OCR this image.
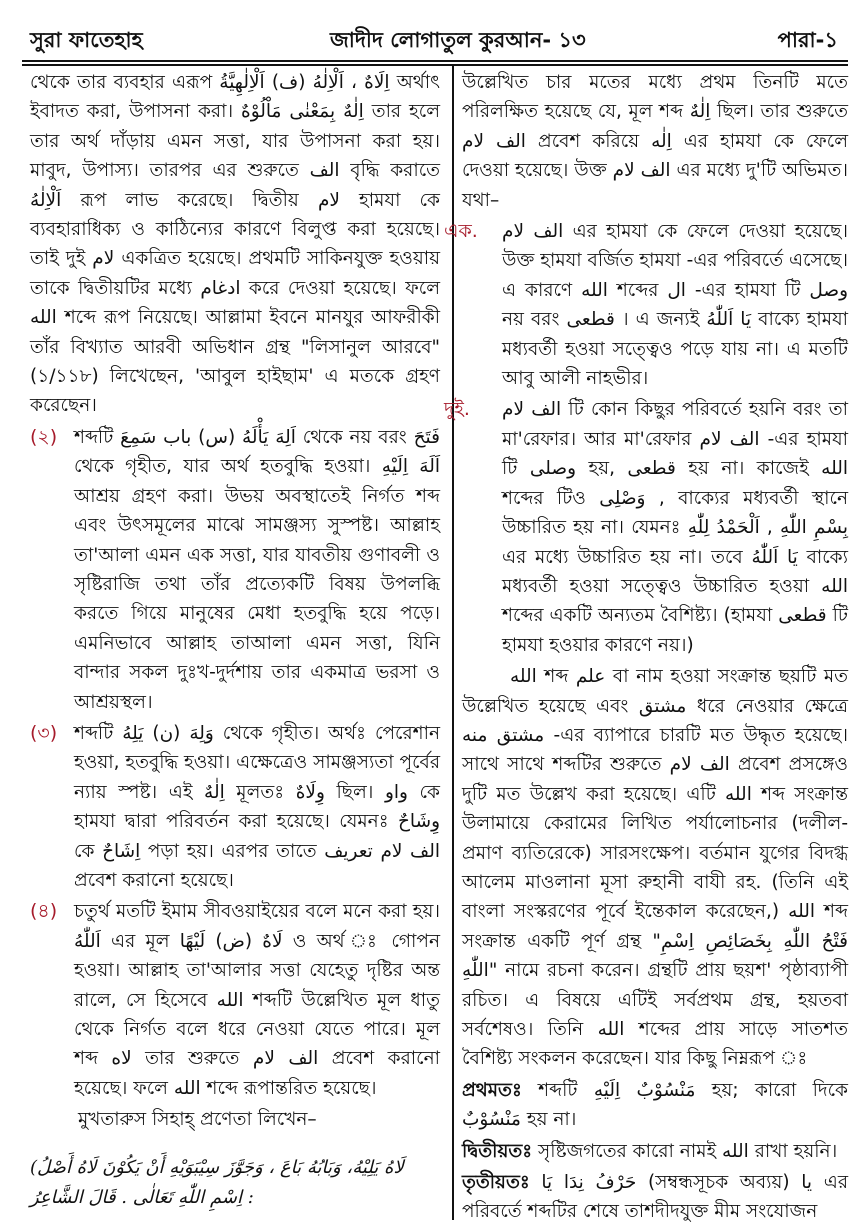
সুরা ফাতেহাহ	জাদীদ লোগাতুল কুরআন- ১৩	পারা-১

থেকে তার ব্যবহার এরূপ اِلَاهٌ ، اَلْاِلٰهُ (ف) اَلْاِلٰهِيَّةُ অর্থাৎ ইবাদত করা, উপাসনা করা। اِلٰهٌ بِمَعْنٰى مَاْلُوْهٌ তার হলে তার অর্থ দাঁড়ায় এমন সত্তা, যার উপাসনা করা হয়। মাবুদ, উপাস্য। তারপর এর শুরুতে الف বৃদ্ধি করাতে اَلْاِلٰهُ রূপ লাভ করেছে। দ্বিতীয় لام হামযা কে ব্যবহারাধিক্য ও কাঠিন্যের কারণে বিলুপ্ত করা হয়েছে। তাই দুই لام একত্রিত হয়েছে। প্রথমটি সাকিনযুক্ত হওয়ায় তাকে দ্বিতীয়টির মধ্যে ادغام করে দেওয়া হয়েছে। ফলে الله শব্দে রূপ নিয়েছে। আল্লামা ইবনে মানযুর আফরীকী তাঁর বিখ্যাত আরবী অভিধান গ্রন্থ "লিসানুল আরবে" (১/১১৮) লিখেছেন, 'আবুল হাইছাম' এ মতকে গ্রহণ করেছেন।

(২) শব্দটি اَلِهَ يَأْلَهُ (س) باب سَمِعَ থেকে নয় বরং فَتَحَ থেকে গৃহীত, যার অর্থ হতবুদ্ধি হওয়া। اَلَهَ اِلَيْهِ আশ্রয় গ্রহণ করা। উভয় অবস্থাতেই নির্গত শব্দ এবং উৎসমূলের মাঝে সামঞ্জস্য সুস্পষ্ট। আল্লাহ তা'আলা এমন এক সত্তা, যার যাবতীয় গুণাবলী ও সৃষ্টিরাজি তথা তাঁর প্রত্যেকটি বিষয় উপলব্ধি করতে গিয়ে মানুষের মেধা হতবুদ্ধি হয়ে পড়ে। এমনিভাবে আল্লাহ তাআলা এমন সত্তা, যিনি বান্দার সকল দুঃখ-দুর্দশায় তার একমাত্র ভরসা ও আশ্রয়স্থল।

(৩) শব্দটি وَلِهَ (ن) يَلِهُ থেকে গৃহীত। অর্থঃ পেরেশান হওয়া, হতবুদ্ধি হওয়া। এক্ষেত্রেও সামঞ্জস্যতা পূর্বের ন্যায় স্পষ্ট। এই اِلٰهٌ মূলতঃ وِلَاهٌ ছিল। واو কে হামযা দ্বারা পরিবর্তন করা হয়েছে। যেমনঃ وِشَاحٌ কে اِشَاحٌ পড়া হয়। এরপর তাতে الف لام تعريف প্রবেশ করানো হয়েছে।

(৪) চতুর্থ মতটি ইমাম সীবওয়াইয়ের বলে মনে করা হয়। اَللّٰهُ এর মূল لَاهٌ (ض) لَيْهًا ও অর্থ ঃ গোপন হওয়া। আল্লাহ তা'আলার সত্তা যেহেতু দৃষ্টির অন্ত রালে, সে হিসেবে الله শব্দটি উল্লেখিত মূল ধাতু থেকে নির্গত বলে ধরে নেওয়া যেতে পারে। মূল শব্দ لاه তার শুরুতে الف لام প্রবেশ করানো হয়েছে। ফলে الله শব্দে রূপান্তরিত হয়েছে।

মুখতারুস সিহাহ্ প্রণেতা লিখেন–

(لَاهُ يَلِيْهُ، وَبَابُهُ بَاعَ ، وَجَوَّزَ سِيْبَوَيْهِ أَنْ يَكُوْنَ لَاهُ أَصْلُ اِسْمِ اللّٰهِ تَعَالٰى . قَالَ الشَّاعِرُ :

উল্লেখিত চার মতের মধ্যে প্রথম তিনটি মতে পরিলক্ষিত হয়েছে যে, মূল শব্দ اِلٰهٌ ছিল। তার শুরুতে الف لام প্রবেশ করিয়ে اِلٰه এর হামযা কে ফেলে দেওয়া হয়েছে। উক্ত الف لام এর মধ্যে দু'টি অভিমত। যথা–

এক.	الف لام এর হামযা কে ফেলে দেওয়া হয়েছে। উক্ত হামযা বর্জিত হামযা -এর পরিবর্তে এসেছে। এ কারণে الله শব্দের ال -এর হামযা টি وصل নয় বরং قطعى । এ জন্যই يَا اَللّٰهُ বাক্যে হামযা মধ্যবর্তী হওয়া সত্ত্বেও পড়ে যায় না। এ মতটি আবু আলী নাহভীর।

দুই.	الف لام টি কোন কিছুর পরিবর্তে হয়নি বরং তা মা'রেফার। আর মা'রেফার الف لام -এর হামযা টি وصلى হয়, قطعى হয় না। কাজেই الله শব্দের টিও وَصْلِى , বাক্যের মধ্যবর্তী স্থানে উচ্চারিত হয় না। যেমনঃ بِسْمِ اللّٰهِ , اَلْحَمْدُ لِلّٰهِ এর মধ্যে উচ্চারিত হয় না। তবে يَا اَللّٰهُ বাক্যে মধ্যবর্তী হওয়া সত্ত্বেও উচ্চারিত হওয়া الله শব্দের একটি অন্যতম বৈশিষ্ট্য। (হামযা قطعى টি হামযা হওয়ার কারণে নয়।)

الله শব্দ علم বা নাম হওয়া সংক্রান্ত ছয়টি মত উল্লেখিত হয়েছে এবং مشتق ধরে নেওয়ার ক্ষেত্রে مشتق منه -এর ব্যাপারে চারটি মত উদ্ধৃত হয়েছে। সাথে সাথে শব্দটির শুরুতে الف لام প্রবেশ প্রসঙ্গেও দুটি মত উল্লেখ করা হয়েছে। এটি الله শব্দ সংক্রান্ত উলামায়ে কেরামের লিখিত পর্যালোচনার (দলীল-প্রমাণ ব্যতিরেকে) সারসংক্ষেপ। বর্তমান যুগের বিদগ্ধ আলেম মাওলানা মূসা রুহানী বাযী রহ. (তিনি এই বাংলা সংস্করণের পূর্বে ইন্তেকাল করেছেন,) الله শব্দ সংক্রান্ত একটি পূর্ণ গ্রন্থ "فَتْحُ اللّٰهِ بِخَصَائِصِ اِسْمِ اللّٰهِ" নামে রচনা করেন। গ্রন্থটি প্রায় ছয়শ' পৃষ্ঠাব্যাপী রচিত। এ বিষয়ে এটিই সর্বপ্রথম গ্রন্থ, হয়তবা সর্বশেষও। তিনি الله শব্দের প্রায় সাড়ে সাতশত বৈশিষ্ট্য সংকলন করেছেন। যার কিছু নিম্নরূপ ঃ

প্রথমতঃ শব্দটি مَنْسُوْبٌ اِلَيْهِ হয়; কারো দিকে مَنْسُوْبٌ হয় না।

দ্বিতীয়তঃ সৃষ্টিজগতের কারো নামই الله রাখা হয়নি।

তৃতীয়তঃ حَرْفُ نِدَا يَا (সম্বন্ধসূচক অব্যয়) يا এর পরিবর্তে শব্দটির শেষে তাশদীদযুক্ত মীম সংযোজন
